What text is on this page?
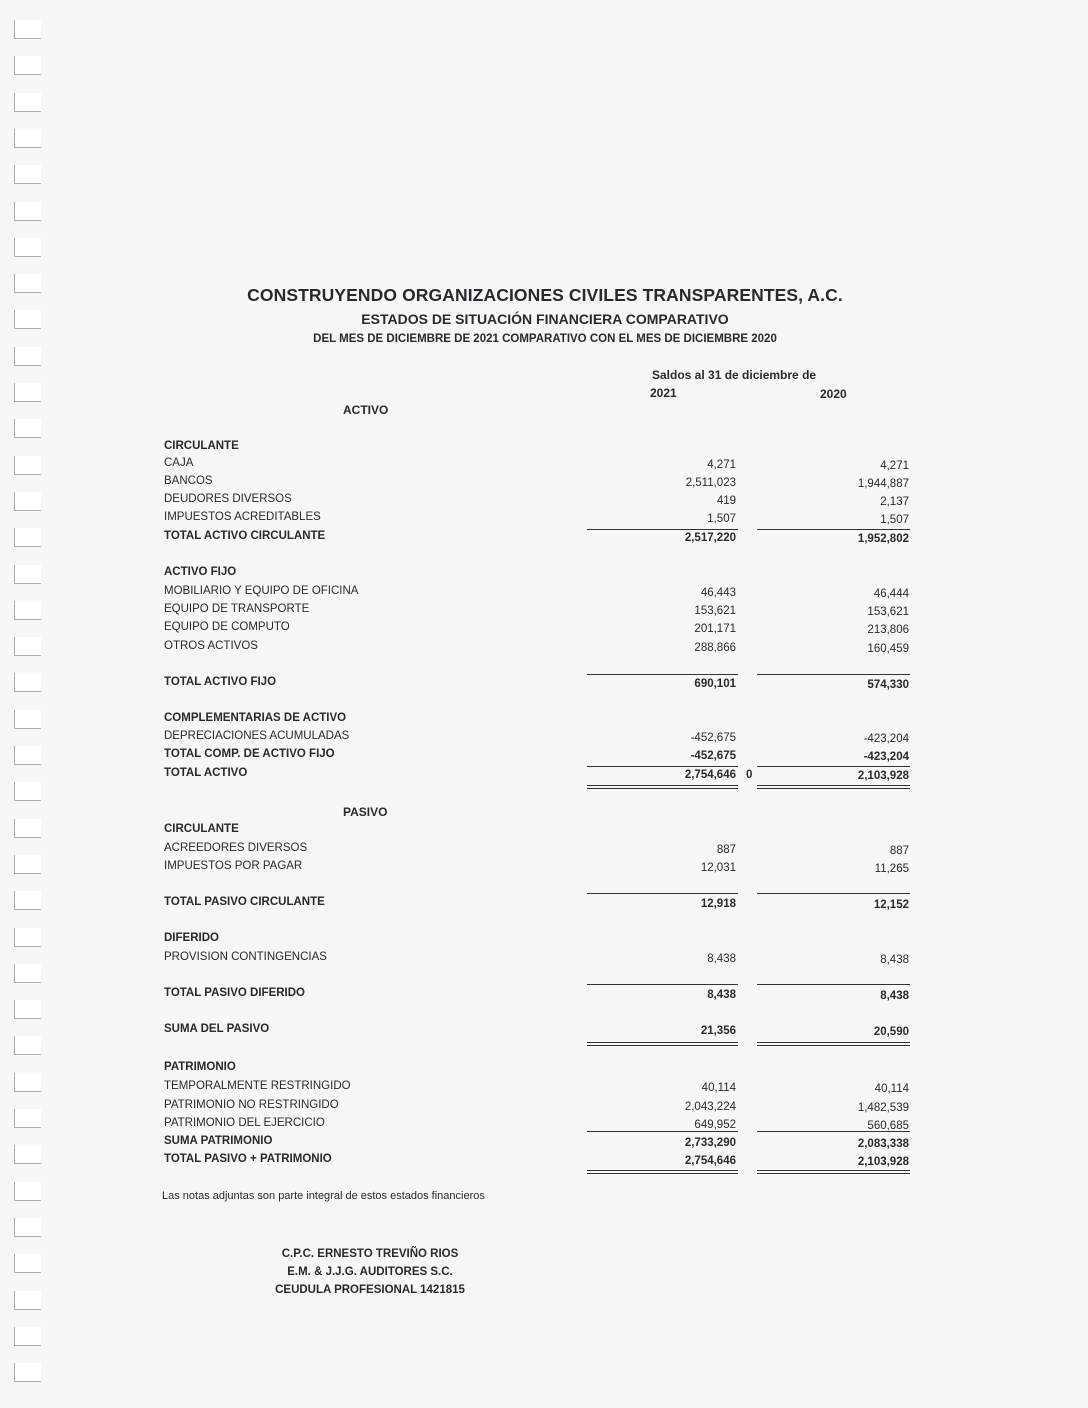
CONSTRUYENDO ORGANIZACIONES CIVILES TRANSPARENTES, A.C.
ESTADOS DE SITUACIÓN FINANCIERA COMPARATIVO
DEL MES DE DICIEMBRE DE 2021 COMPARATIVO CON EL MES DE DICIEMBRE 2020
Saldos al 31 de diciembre de
2021	2020
ACTIVO
PASIVO
CIRCULANTE
CAJA	4,271	4,271
BANCOS	2,511,023	1,944,887
DEUDORES DIVERSOS	419	2,137
IMPUESTOS ACREDITABLES	1,507	1,507
TOTAL ACTIVO CIRCULANTE	2,517,220	1,952,802
ACTIVO FIJO
MOBILIARIO Y EQUIPO DE OFICINA	46,443	46,444
EQUIPO DE TRANSPORTE	153,621	153,621
EQUIPO DE COMPUTO	201,171	213,806
OTROS ACTIVOS	288,866	160,459
TOTAL ACTIVO FIJO	690,101	574,330
COMPLEMENTARIAS DE ACTIVO
DEPRECIACIONES ACUMULADAS	-452,675	-423,204
TOTAL COMP. DE ACTIVO FIJO	-452,675	-423,204
TOTAL ACTIVO	2,754,646	2,103,928
0
CIRCULANTE
ACREEDORES DIVERSOS	887	887
IMPUESTOS POR PAGAR	12,031	11,265
TOTAL PASIVO CIRCULANTE	12,918	12,152
DIFERIDO
PROVISION CONTINGENCIAS	8,438	8,438
TOTAL PASIVO DIFERIDO	8,438	8,438
SUMA DEL PASIVO	21,356	20,590
PATRIMONIO
TEMPORALMENTE RESTRINGIDO	40,114	40,114
PATRIMONIO NO RESTRINGIDO	2,043,224	1,482,539
PATRIMONIO DEL EJERCICIO	649,952	560,685
SUMA PATRIMONIO	2,733,290	2,083,338
TOTAL PASIVO + PATRIMONIO	2,754,646	2,103,928
Las notas adjuntas son parte integral de estos estados financieros
C.P.C. ERNESTO TREVIÑO RIOS
E.M. & J.J.G. AUDITORES S.C.
CEUDULA PROFESIONAL 1421815
